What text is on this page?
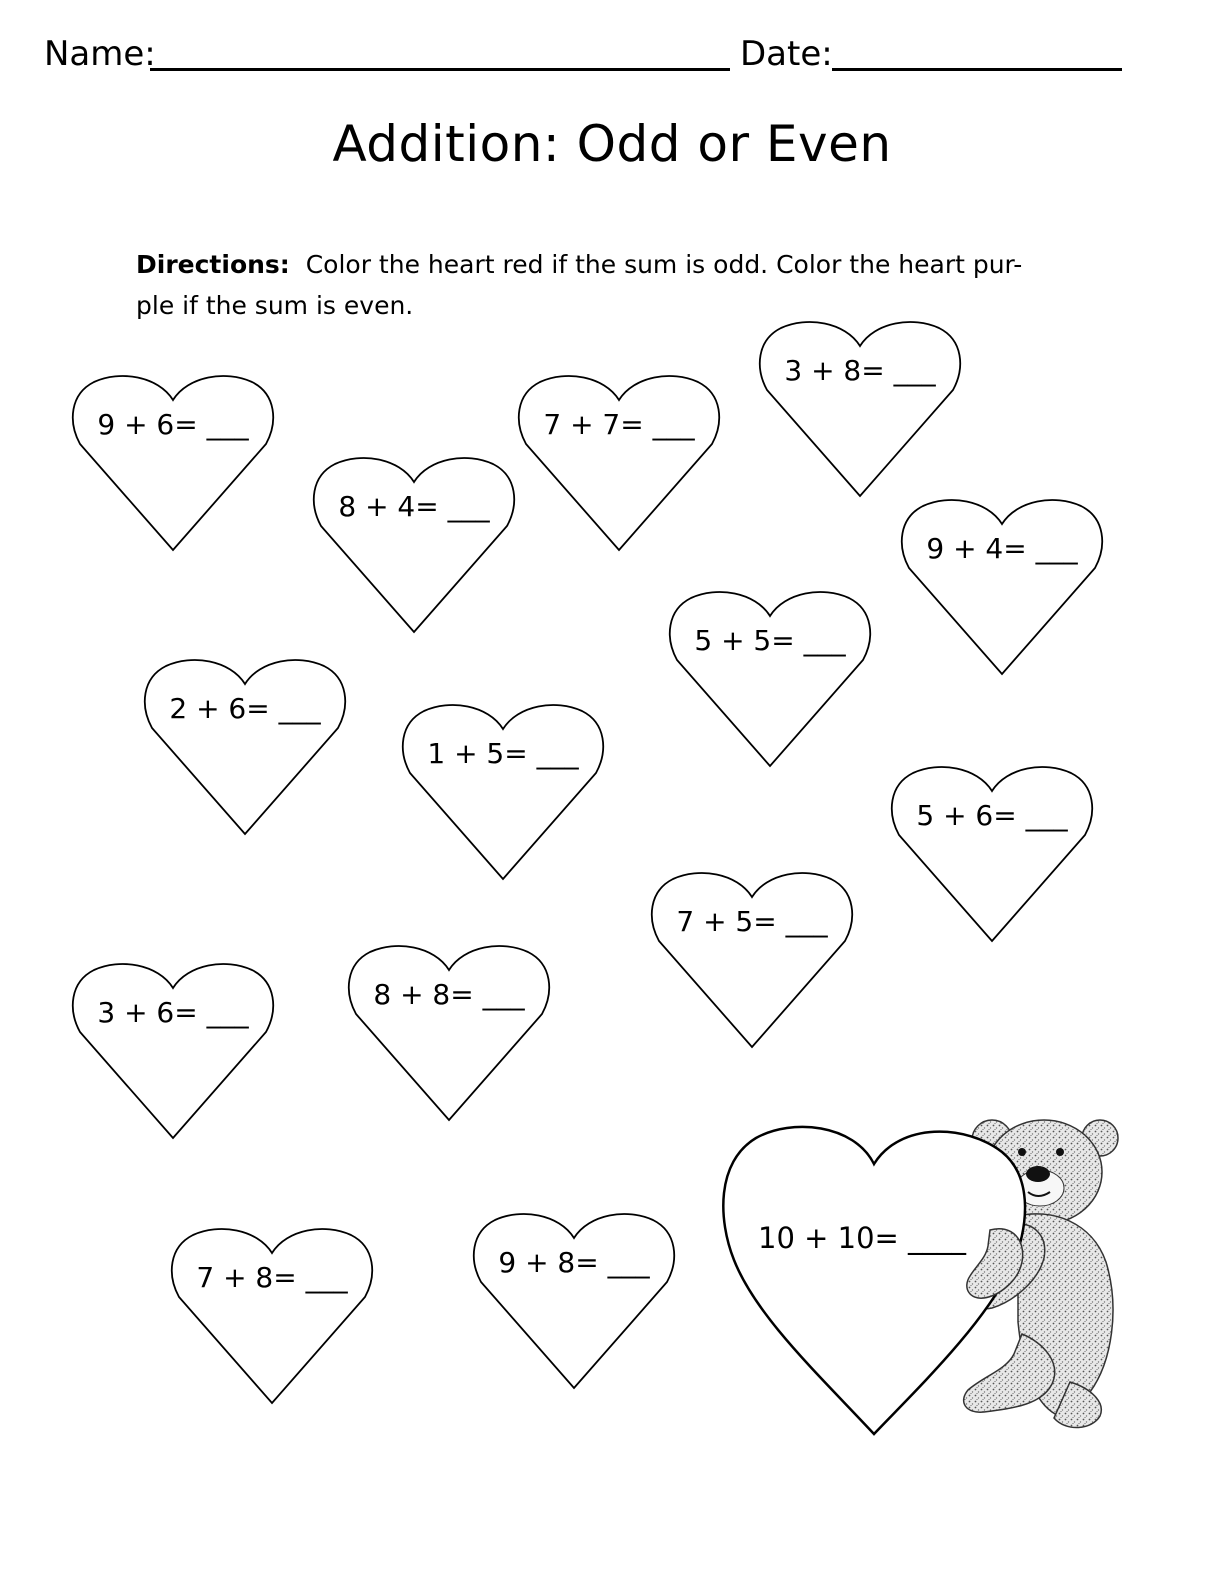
Name:	Date:
Addition: Odd or Even
Directions: Color the heart red if the sum is odd. Color the heart pur-
ple if the sum is even.
9 + 6= ___
8 + 4= ___
7 + 7= ___
3 + 8= ___
9 + 4= ___
5 + 5= ___
2 + 6= ___
1 + 5= ___
5 + 6= ___
7 + 5= ___
3 + 6= ___
8 + 8= ___
7 + 8= ___	9 + 8= ___
10 + 10= ____
